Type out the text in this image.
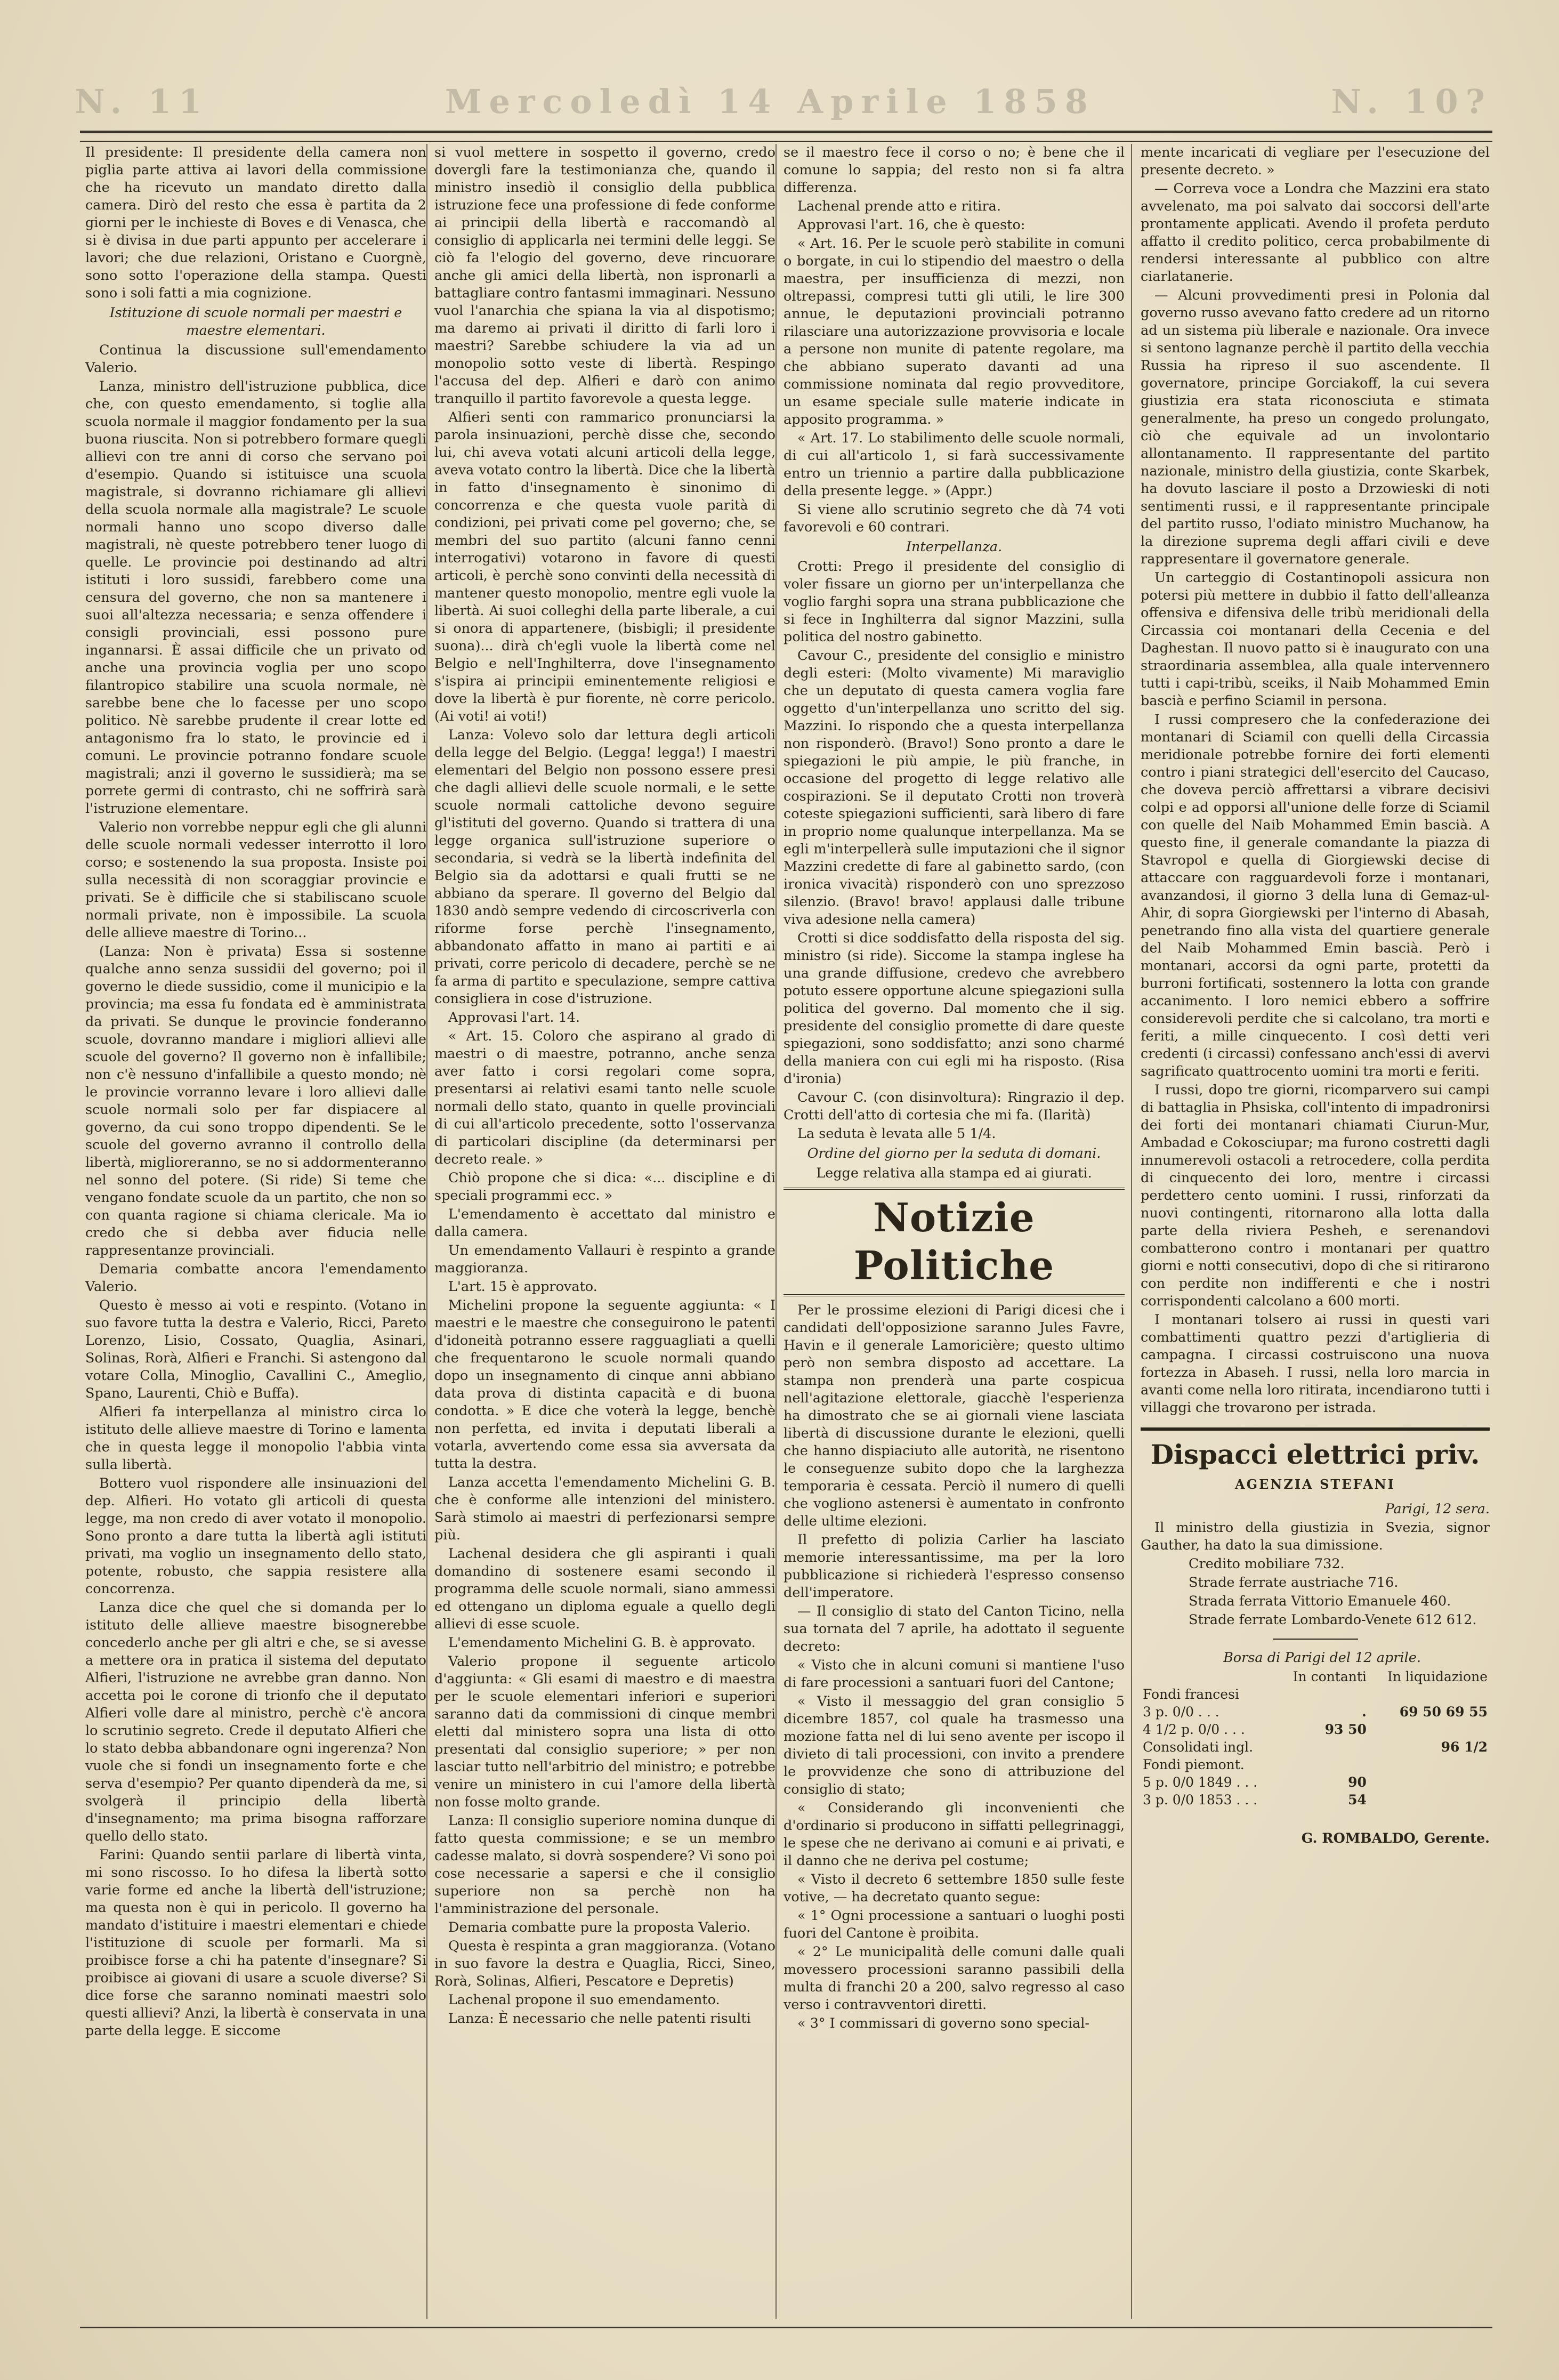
N. 11	Mercoledì 14 Aprile 1858	N. 10?

Il presidente: Il presidente della camera non piglia parte attiva ai lavori della commissione che ha ricevuto un mandato diretto dalla camera. Dirò del resto che essa è partita da 2 giorni per le inchieste di Boves e di Venasca, che si è divisa in due parti appunto per accelerare i lavori; che due relazioni, Oristano e Cuorgnè, sono sotto l'operazione della stampa. Questi sono i soli fatti a mia cognizione.

Istituzione di scuole normali per maestri e maestre elementari.

Continua la discussione sull'emendamento Valerio.

Lanza, ministro dell'istruzione pubblica, dice che, con questo emendamento, si toglie alla scuola normale il maggior fondamento per la sua buona riuscita. Non si potrebbero formare quegli allievi con tre anni di corso che servano poi d'esempio. Quando si istituisce una scuola magistrale, si dovranno richiamare gli allievi della scuola normale alla magistrale? Le scuole normali hanno uno scopo diverso dalle magistrali, nè queste potrebbero tener luogo di quelle. Le provincie poi destinando ad altri istituti i loro sussidi, farebbero come una censura del governo, che non sa mantenere i suoi all'altezza necessaria; e senza offendere i consigli provinciali, essi possono pure ingannarsi. È assai difficile che un privato od anche una provincia voglia per uno scopo filantropico stabilire una scuola normale, nè sarebbe bene che lo facesse per uno scopo politico. Nè sarebbe prudente il crear lotte ed antagonismo fra lo stato, le provincie ed i comuni. Le provincie potranno fondare scuole magistrali; anzi il governo le sussidierà; ma se porrete germi di contrasto, chi ne soffrirà sarà l'istruzione elementare.

Valerio non vorrebbe neppur egli che gli alunni delle scuole normali vedesser interrotto il loro corso; e sostenendo la sua proposta. Insiste poi sulla necessità di non scoraggiar provincie e privati. Se è difficile che si stabiliscano scuole normali private, non è impossibile. La scuola delle allieve maestre di Torino...

(Lanza: Non è privata) Essa si sostenne qualche anno senza sussidii del governo; poi il governo le diede sussidio, come il municipio e la provincia; ma essa fu fondata ed è amministrata da privati. Se dunque le provincie fonderanno scuole, dovranno mandare i migliori allievi alle scuole del governo? Il governo non è infallibile; non c'è nessuno d'infallibile a questo mondo; nè le provincie vorranno levare i loro allievi dalle scuole normali solo per far dispiacere al governo, da cui sono troppo dipendenti. Se le scuole del governo avranno il controllo della libertà, miglioreranno, se no si addormenteranno nel sonno del potere. (Si ride) Si teme che vengano fondate scuole da un partito, che non so con quanta ragione si chiama clericale. Ma io credo che si debba aver fiducia nelle rappresentanze provinciali.

Demaria combatte ancora l'emendamento Valerio.

Questo è messo ai voti e respinto. (Votano in suo favore tutta la destra e Valerio, Ricci, Pareto Lorenzo, Lisio, Cossato, Quaglia, Asinari, Solinas, Rorà, Alfieri e Franchi. Si astengono dal votare Colla, Minoglio, Cavallini C., Ameglio, Spano, Laurenti, Chiò e Buffa).

Alfieri fa interpellanza al ministro circa lo istituto delle allieve maestre di Torino e lamenta che in questa legge il monopolio l'abbia vinta sulla libertà.

Bottero vuol rispondere alle insinuazioni del dep. Alfieri. Ho votato gli articoli di questa legge, ma non credo di aver votato il monopolio. Sono pronto a dare tutta la libertà agli istituti privati, ma voglio un insegnamento dello stato, potente, robusto, che sappia resistere alla concorrenza.

Lanza dice che quel che si domanda per lo istituto delle allieve maestre bisognerebbe concederlo anche per gli altri e che, se si avesse a mettere ora in pratica il sistema del deputato Alfieri, l'istruzione ne avrebbe gran danno. Non accetta poi le corone di trionfo che il deputato Alfieri volle dare al ministro, perchè c'è ancora lo scrutinio segreto. Crede il deputato Alfieri che lo stato debba abbandonare ogni ingerenza? Non vuole che si fondi un insegnamento forte e che serva d'esempio? Per quanto dipenderà da me, si svolgerà il principio della libertà d'insegnamento; ma prima bisogna rafforzare quello dello stato.

Farini: Quando sentii parlare di libertà vinta, mi sono riscosso. Io ho difesa la libertà sotto varie forme ed anche la libertà dell'istruzione; ma questa non è qui in pericolo. Il governo ha mandato d'istituire i maestri elementari e chiede l'istituzione di scuole per formarli. Ma si proibisce forse a chi ha patente d'insegnare? Si proibisce ai giovani di usare a scuole diverse? Si dice forse che saranno nominati maestri solo questi allievi? Anzi, la libertà è conservata in una parte della legge. E siccome

si vuol mettere in sospetto il governo, credo dovergli fare la testimonianza che, quando il ministro insediò il consiglio della pubblica istruzione fece una professione di fede conforme ai principii della libertà e raccomandò al consiglio di applicarla nei termini delle leggi. Se ciò fa l'elogio del governo, deve rincuorare anche gli amici della libertà, non ispronarli a battagliare contro fantasmi immaginari. Nessuno vuol l'anarchia che spiana la via al dispotismo; ma daremo ai privati il diritto di farli loro i maestri? Sarebbe schiudere la via ad un monopolio sotto veste di libertà. Respingo l'accusa del dep. Alfieri e darò con animo tranquillo il partito favorevole a questa legge.

Alfieri senti con rammarico pronunciarsi la parola insinuazioni, perchè disse che, secondo lui, chi aveva votati alcuni articoli della legge, aveva votato contro la libertà. Dice che la libertà in fatto d'insegnamento è sinonimo di concorrenza e che questa vuole parità di condizioni, pei privati come pel governo; che, se membri del suo partito (alcuni fanno cenni interrogativi) votarono in favore di questi articoli, è perchè sono convinti della necessità di mantener questo monopolio, mentre egli vuole la libertà. Ai suoi colleghi della parte liberale, a cui si onora di appartenere, (bisbigli; il presidente suona)... dirà ch'egli vuole la libertà come nel Belgio e nell'Inghilterra, dove l'insegnamento s'ispira ai principii eminentemente religiosi e dove la libertà è pur fiorente, nè corre pericolo. (Ai voti! ai voti!)

Lanza: Volevo solo dar lettura degli articoli della legge del Belgio. (Legga! legga!) I maestri elementari del Belgio non possono essere presi che dagli allievi delle scuole normali, e le sette scuole normali cattoliche devono seguire gl'istituti del governo. Quando si trattera di una legge organica sull'istruzione superiore o secondaria, si vedrà se la libertà indefinita del Belgio sia da adottarsi e quali frutti se ne abbiano da sperare. Il governo del Belgio dal 1830 andò sempre vedendo di circoscriverla con riforme forse perchè l'insegnamento, abbandonato affatto in mano ai partiti e ai privati, corre pericolo di decadere, perchè se ne fa arma di partito e speculazione, sempre cattiva consigliera in cose d'istruzione.

Approvasi l'art. 14.

« Art. 15. Coloro che aspirano al grado di maestri o di maestre, potranno, anche senza aver fatto i corsi regolari come sopra, presentarsi ai relativi esami tanto nelle scuole normali dello stato, quanto in quelle provinciali di cui all'articolo precedente, sotto l'osservanza di particolari discipline (da determinarsi per decreto reale. »

Chiò propone che si dica: «... discipline e di speciali programmi ecc. »

L'emendamento è accettato dal ministro e dalla camera.

Un emendamento Vallauri è respinto a grande maggioranza.

L'art. 15 è approvato.

Michelini propone la seguente aggiunta: « I maestri e le maestre che conseguirono le patenti d'idoneità potranno essere ragguagliati a quelli che frequentarono le scuole normali quando dopo un insegnamento di cinque anni abbiano data prova di distinta capacità e di buona condotta. » E dice che voterà la legge, benchè non perfetta, ed invita i deputati liberali a votarla, avvertendo come essa sia avversata da tutta la destra.

Lanza accetta l'emendamento Michelini G. B. che è conforme alle intenzioni del ministero. Sarà stimolo ai maestri di perfezionarsi sempre più.

Lachenal desidera che gli aspiranti i quali domandino di sostenere esami secondo il programma delle scuole normali, siano ammessi ed ottengano un diploma eguale a quello degli allievi di esse scuole.

L'emendamento Michelini G. B. è approvato.

Valerio propone il seguente articolo d'aggiunta: « Gli esami di maestro e di maestra per le scuole elementari inferiori e superiori saranno dati da commissioni di cinque membri eletti dal ministero sopra una lista di otto presentati dal consiglio superiore; » per non lasciar tutto nell'arbitrio del ministro; e potrebbe venire un ministero in cui l'amore della libertà non fosse molto grande.

Lanza: Il consiglio superiore nomina dunque di fatto questa commissione; e se un membro cadesse malato, si dovrà sospendere? Vi sono poi cose necessarie a sapersi e che il consiglio superiore non sa perchè non ha l'amministrazione del personale.

Demaria combatte pure la proposta Valerio.

Questa è respinta a gran maggioranza. (Votano in suo favore la destra e Quaglia, Ricci, Sineo, Rorà, Solinas, Alfieri, Pescatore e Depretis)

Lachenal propone il suo emendamento.

Lanza: È necessario che nelle patenti risulti

se il maestro fece il corso o no; è bene che il comune lo sappia; del resto non si fa altra differenza.

Lachenal prende atto e ritira.

Approvasi l'art. 16, che è questo:

« Art. 16. Per le scuole però stabilite in comuni o borgate, in cui lo stipendio del maestro o della maestra, per insufficienza di mezzi, non oltrepassi, compresi tutti gli utili, le lire 300 annue, le deputazioni provinciali potranno rilasciare una autorizzazione provvisoria e locale a persone non munite di patente regolare, ma che abbiano superato davanti ad una commissione nominata dal regio provveditore, un esame speciale sulle materie indicate in apposito programma. »

« Art. 17. Lo stabilimento delle scuole normali, di cui all'articolo 1, si farà successivamente entro un triennio a partire dalla pubblicazione della presente legge. » (Appr.)

Si viene allo scrutinio segreto che dà 74 voti favorevoli e 60 contrari.

Interpellanza.

Crotti: Prego il presidente del consiglio di voler fissare un giorno per un'interpellanza che voglio farghi sopra una strana pubblicazione che si fece in Inghilterra dal signor Mazzini, sulla politica del nostro gabinetto.

Cavour C., presidente del consiglio e ministro degli esteri: (Molto vivamente) Mi maraviglio che un deputato di questa camera voglia fare oggetto d'un'interpellanza uno scritto del sig. Mazzini. Io rispondo che a questa interpellanza non risponderò. (Bravo!) Sono pronto a dare le spiegazioni le più ampie, le più franche, in occasione del progetto di legge relativo alle cospirazioni. Se il deputato Crotti non troverà coteste spiegazioni sufficienti, sarà libero di fare in proprio nome qualunque interpellanza. Ma se egli m'interpellerà sulle imputazioni che il signor Mazzini credette di fare al gabinetto sardo, (con ironica vivacità) risponderò con uno sprezzoso silenzio. (Bravo! bravo! applausi dalle tribune viva adesione nella camera)

Crotti si dice soddisfatto della risposta del sig. ministro (si ride). Siccome la stampa inglese ha una grande diffusione, credevo che avrebbero potuto essere opportune alcune spiegazioni sulla politica del governo. Dal momento che il sig. presidente del consiglio promette di dare queste spiegazioni, sono soddisfatto; anzi sono charmé della maniera con cui egli mi ha risposto. (Risa d'ironia)

Cavour C. (con disinvoltura): Ringrazio il dep. Crotti dell'atto di cortesia che mi fa. (Ilarità)

La seduta è levata alle 5 1/4.

Ordine del giorno per la seduta di domani.

Legge relativa alla stampa ed ai giurati.

Notizie Politiche

Per le prossime elezioni di Parigi dicesi che i candidati dell'opposizione saranno Jules Favre, Havin e il generale Lamoricière; questo ultimo però non sembra disposto ad accettare. La stampa non prenderà una parte cospicua nell'agitazione elettorale, giacchè l'esperienza ha dimostrato che se ai giornali viene lasciata libertà di discussione durante le elezioni, quelli che hanno dispiaciuto alle autorità, ne risentono le conseguenze subito dopo che la larghezza temporaria è cessata. Perciò il numero di quelli che vogliono astenersi è aumentato in confronto delle ultime elezioni.

Il prefetto di polizia Carlier ha lasciato memorie interessantissime, ma per la loro pubblicazione si richiederà l'espresso consenso dell'imperatore.

— Il consiglio di stato del Canton Ticino, nella sua tornata del 7 aprile, ha adottato il seguente decreto:

« Visto che in alcuni comuni si mantiene l'uso di fare processioni a santuari fuori del Cantone;

« Visto il messaggio del gran consiglio 5 dicembre 1857, col quale ha trasmesso una mozione fatta nel di lui seno avente per iscopo il divieto di tali processioni, con invito a prendere le provvidenze che sono di attribuzione del consiglio di stato;

« Considerando gli inconvenienti che d'ordinario si producono in siffatti pellegrinaggi, le spese che ne derivano ai comuni e ai privati, e il danno che ne deriva pel costume;

« Visto il decreto 6 settembre 1850 sulle feste votive, — ha decretato quanto segue:

« 1° Ogni processione a santuari o luoghi posti fuori del Cantone è proibita.

« 2° Le municipalità delle comuni dalle quali movessero processioni saranno passibili della multa di franchi 20 a 200, salvo regresso al caso verso i contravventori diretti.

« 3° I commissari di governo sono special-

mente incaricati di vegliare per l'esecuzione del presente decreto. »

— Correva voce a Londra che Mazzini era stato avvelenato, ma poi salvato dai soccorsi dell'arte prontamente applicati. Avendo il profeta perduto affatto il credito politico, cerca probabilmente di rendersi interessante al pubblico con altre ciarlatanerie.

— Alcuni provvedimenti presi in Polonia dal governo russo avevano fatto credere ad un ritorno ad un sistema più liberale e nazionale. Ora invece si sentono lagnanze perchè il partito della vecchia Russia ha ripreso il suo ascendente. Il governatore, principe Gorciakoff, la cui severa giustizia era stata riconosciuta e stimata generalmente, ha preso un congedo prolungato, ciò che equivale ad un involontario allontanamento. Il rappresentante del partito nazionale, ministro della giustizia, conte Skarbek, ha dovuto lasciare il posto a Drzowieski di noti sentimenti russi, e il rappresentante principale del partito russo, l'odiato ministro Muchanow, ha la direzione suprema degli affari civili e deve rappresentare il governatore generale.

Un carteggio di Costantinopoli assicura non potersi più mettere in dubbio il fatto dell'alleanza offensiva e difensiva delle tribù meridionali della Circassia coi montanari della Cecenia e del Daghestan. Il nuovo patto si è inaugurato con una straordinaria assemblea, alla quale intervennero tutti i capi-tribù, sceiks, il Naib Mohammed Emin bascià e perfino Sciamil in persona.

I russi compresero che la confederazione dei montanari di Sciamil con quelli della Circassia meridionale potrebbe fornire dei forti elementi contro i piani strategici dell'esercito del Caucaso, che doveva perciò affrettarsi a vibrare decisivi colpi e ad opporsi all'unione delle forze di Sciamil con quelle del Naib Mohammed Emin bascià. A questo fine, il generale comandante la piazza di Stavropol e quella di Giorgiewski decise di attaccare con ragguardevoli forze i montanari, avanzandosi, il giorno 3 della luna di Gemaz-ul-Ahir, di sopra Giorgiewski per l'interno di Abasah, penetrando fino alla vista del quartiere generale del Naib Mohammed Emin bascià. Però i montanari, accorsi da ogni parte, protetti da burroni fortificati, sostennero la lotta con grande accanimento. I loro nemici ebbero a soffrire considerevoli perdite che si calcolano, tra morti e feriti, a mille cinquecento. I così detti veri credenti (i circassi) confessano anch'essi di avervi sagrificato quattrocento uomini tra morti e feriti.

I russi, dopo tre giorni, ricomparvero sui campi di battaglia in Phsiska, coll'intento di impadronirsi dei forti dei montanari chiamati Ciurun-Mur, Ambadad e Cokosciupar; ma furono costretti dagli innumerevoli ostacoli a retrocedere, colla perdita di cinquecento dei loro, mentre i circassi perdettero cento uomini. I russi, rinforzati da nuovi contingenti, ritornarono alla lotta dalla parte della riviera Pesheh, e serenandovi combatterono contro i montanari per quattro giorni e notti consecutivi, dopo di che si ritirarono con perdite non indifferenti e che i nostri corrispondenti calcolano a 600 morti.

I montanari tolsero ai russi in questi vari combattimenti quattro pezzi d'artiglieria di campagna. I circassi costruiscono una nuova fortezza in Abaseh. I russi, nella loro marcia in avanti come nella loro ritirata, incendiarono tutti i villaggi che trovarono per istrada.

Dispacci elettrici priv.
AGENZIA STEFANI

Parigi, 12 sera.

Il ministro della giustizia in Svezia, signor Gauther, ha dato la sua dimissione.

Credito mobiliare 732.

Strade ferrate austriache 716.

Strada ferrata Vittorio Emanuele 460.

Strade ferrate Lombardo-Venete 612 612.

Borsa di Parigi del 12 aprile.

	In contanti	In liquidazione
Fondi francesi		
3 p. 0/0 . . .	.	69 50 69 55
4 1/2 p. 0/0 . . .	93 50	
Consolidati ingl.		96 1/2
Fondi piemont.		
5 p. 0/0 1849 . . .	90	
3 p. 0/0 1853 . . .	54	
G. ROMBALDO, Gerente.
